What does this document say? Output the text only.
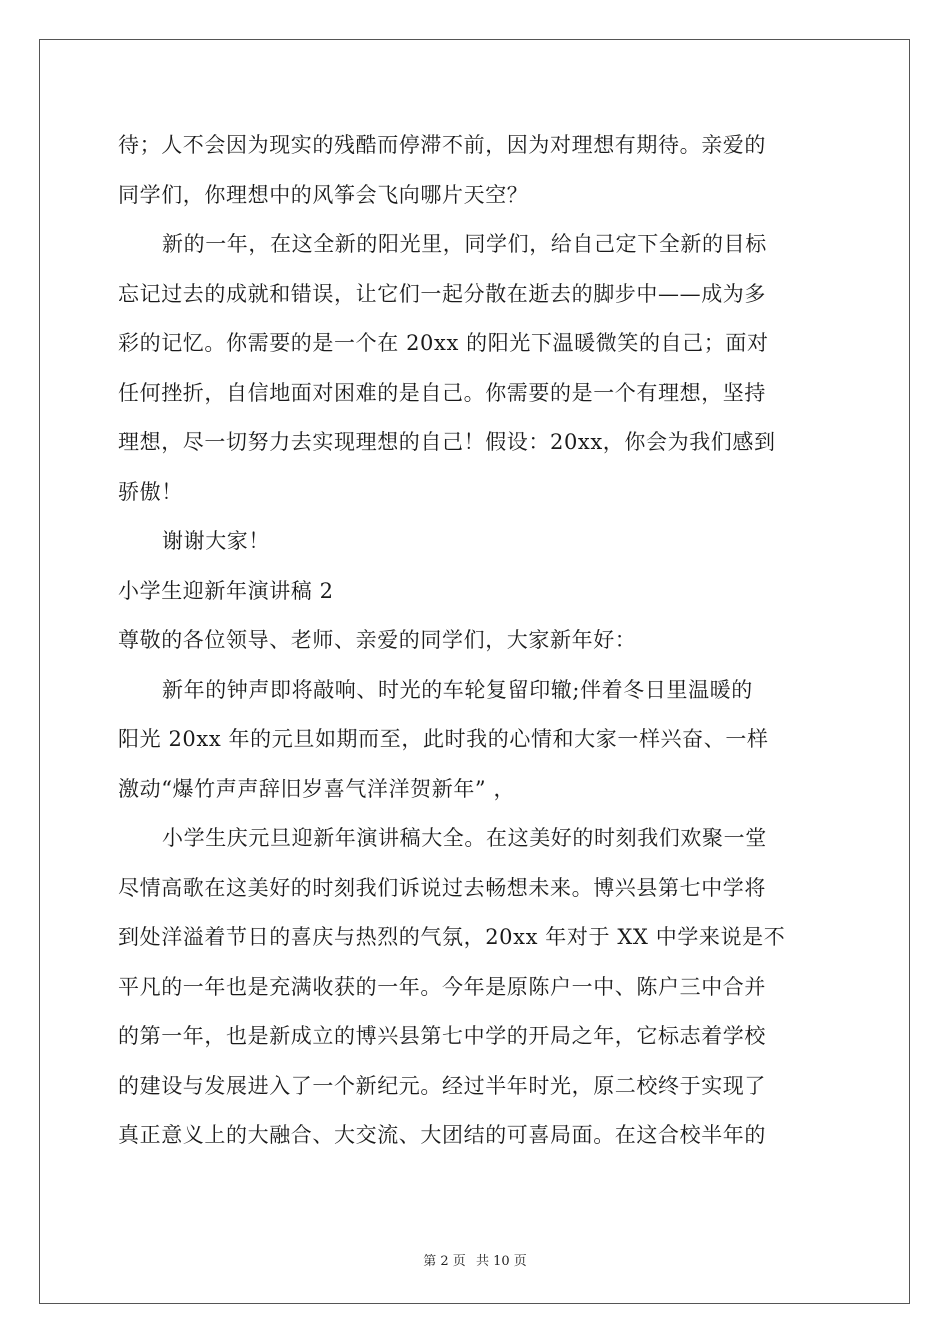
待；人不会因为现实的残酷而停滞不前，因为对理想有期待。亲爱的
同学们，你理想中的风筝会飞向哪片天空？
新的一年，在这全新的阳光里，同学们，给自己定下全新的目标
忘记过去的成就和错误，让它们一起分散在逝去的脚步中——成为多
彩的记忆。你需要的是一个在 20xx 的阳光下温暖微笑的自己；面对
任何挫折，自信地面对困难的是自己。你需要的是一个有理想，坚持
理想，尽一切努力去实现理想的自己！假设：20xx，你会为我们感到
骄傲！
谢谢大家！
小学生迎新年演讲稿 2
尊敬的各位领导、老师、亲爱的同学们，大家新年好：
新年的钟声即将敲响、时光的车轮复留印辙;伴着冬日里温暖的
阳光 20xx 年的元旦如期而至，此时我的心情和大家一样兴奋、一样
激动“爆竹声声辞旧岁喜气洋洋贺新年” ，
小学生庆元旦迎新年演讲稿大全。在这美好的时刻我们欢聚一堂
尽情高歌在这美好的时刻我们诉说过去畅想未来。博兴县第七中学将
到处洋溢着节日的喜庆与热烈的气氛，20xx 年对于 XX 中学来说是不
平凡的一年也是充满收获的一年。今年是原陈户一中、陈户三中合并
的第一年，也是新成立的博兴县第七中学的开局之年，它标志着学校
的建设与发展进入了一个新纪元。经过半年时光，原二校终于实现了
真正意义上的大融合、大交流、大团结的可喜局面。在这合校半年的
第 2 页 共 10 页
